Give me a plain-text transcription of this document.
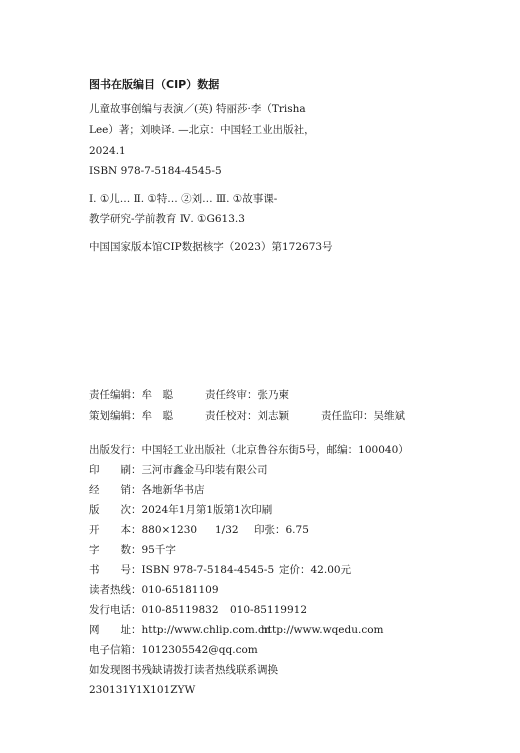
图书在版编目（CIP）数据
儿童故事创编与表演／(英) 特丽莎·李（Trisha
Lee）著；刘映译. —北京：中国轻工业出版社，
2024.1
ISBN 978-7-5184-4545-5
Ⅰ. ①儿… Ⅱ. ①特… ②刘… Ⅲ. ①故事课-
教学研究-学前教育 Ⅳ. ①G613.3
中国国家版本馆CIP数据核字（2023）第172673号
责任编辑：牟　聪	责任终审：张乃柬
策划编辑：牟　聪	责任校对：刘志颖	责任监印：吴维斌
出版发行：中国轻工业出版社（北京鲁谷东街5号，邮编：100040）
印　　刷：三河市鑫金马印装有限公司
经　　销：各地新华书店
版　　次：2024年1月第1版第1次印刷
开　　本：880×1230 1/32 印张：6.75
字　　数：95千字
书　　号：ISBN 978-7-5184-4545-5 定价：42.00元
读者热线：010-65181109
发行电话：010-85119832 010-85119912
网　　址：http://www.chlip.com.cn
http://www.wqedu.com
电子信箱：1012305542@qq.com
如发现图书残缺请拨打读者热线联系调换
230131Y1X101ZYW
